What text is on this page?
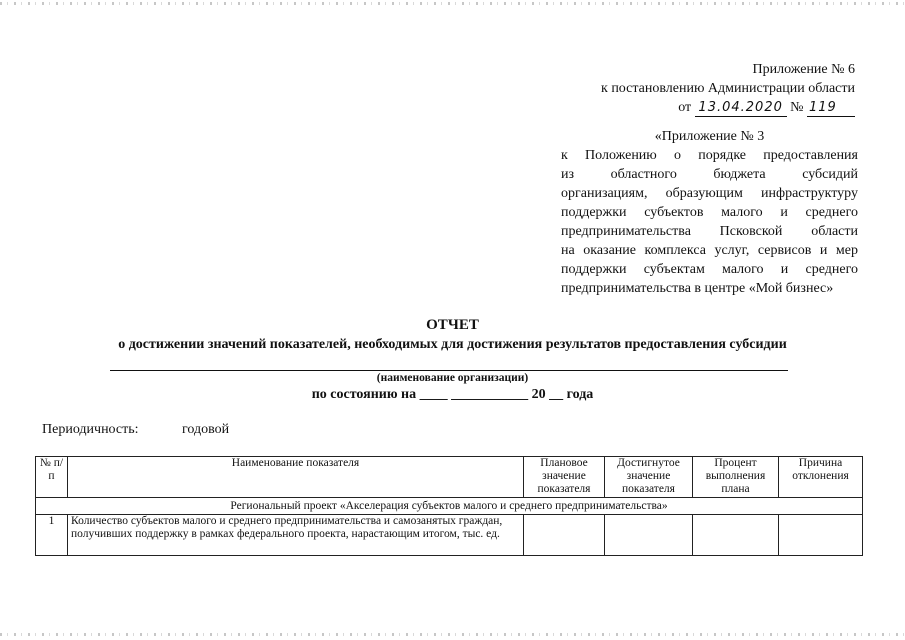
Приложение № 6
к постановлению Администрации области
от 13.04.2020 № 119
«Приложение № 3
к Положению о порядке предоставления
из областного бюджета субсидий
организациям, образующим инфраструктуру
поддержки субъектов малого и среднего
предпринимательства Псковской области
на оказание комплекса услуг, сервисов и мер
поддержки субъектам малого и среднего
предпринимательства в центре «Мой бизнес»
ОТЧЕТ
о достижении значений показателей, необходимых для достижения результатов предоставления субсидии
(наименование организации)
по состоянию на ____ ___________ 20 __ года
Периодичность:	годовой
№ п/п	Наименование показателя	Плановое значение показателя	Достигнутое значение показателя	Процент выполнения плана	Причина отклонения
Региональный проект «Акселерация субъектов малого и среднего предпринимательства»					
1	Количество субъектов малого и среднего предпринимательства и самозанятых граждан, получивших поддержку в рамках федерального проекта, нарастающим итогом, тыс. ед.				
